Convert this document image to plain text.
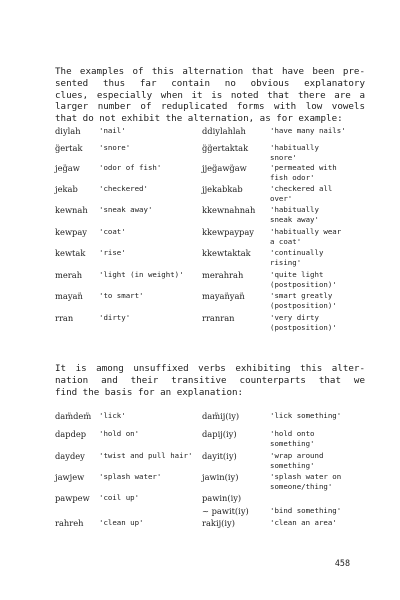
The examples of this alternation that have been pre-
sented thus far contain no obvious explanatory
clues, especially when it is noted that there are a
larger number of reduplicated forms with low vowels
that do not exhibit the alternation, as for example:

diylah 'nail'	ddiylahlah	'have many nails'
g̈ertak 'snore'	g̈g̈ertaktak	'habitually
snore'
jeg̈aw	'odor of fish'	jjeg̈awg̈aw	'permeated with
fish odor'
jekab	'checkered'	jjekabkab	'checkered all
over'
kewnah 'sneak away'	kkewnahnah 'habitually
sneak away'
kewpay 'coat'	kkewpaypay 'habitually wear
a coat'
kewtak 'rise'	kkewtaktak	'continually
rising'
merah 'light (in weight)' merahrah	'quite light
(postposition)'
mayan̈ 'to smart'	mayan̈yan̈	'smart greatly
(postposition)'
rran	'dirty'	rranran	'very dirty
(postposition)'

It is among unsuffixed verbs exhibiting this alter-
nation and their transitive counterparts that we
find the basis for an explanation:

dam̈dem̈ 'lick'	dam̈ij(iy)	'lick something'
dapdep 'hold on'	dapij(iy)	'hold onto
something'
daydey 'twist and pull hair' dayit(iy)	'wrap around
something'
jawjew 'splash water'	jawin(iy)	'splash water on
someone/thing'
pawpew 'coil up'	pawin(iy)
~ pawit(iy)	'bind something'
rahreh 'clean up'	rakij(iy)	'clean an area'
458
